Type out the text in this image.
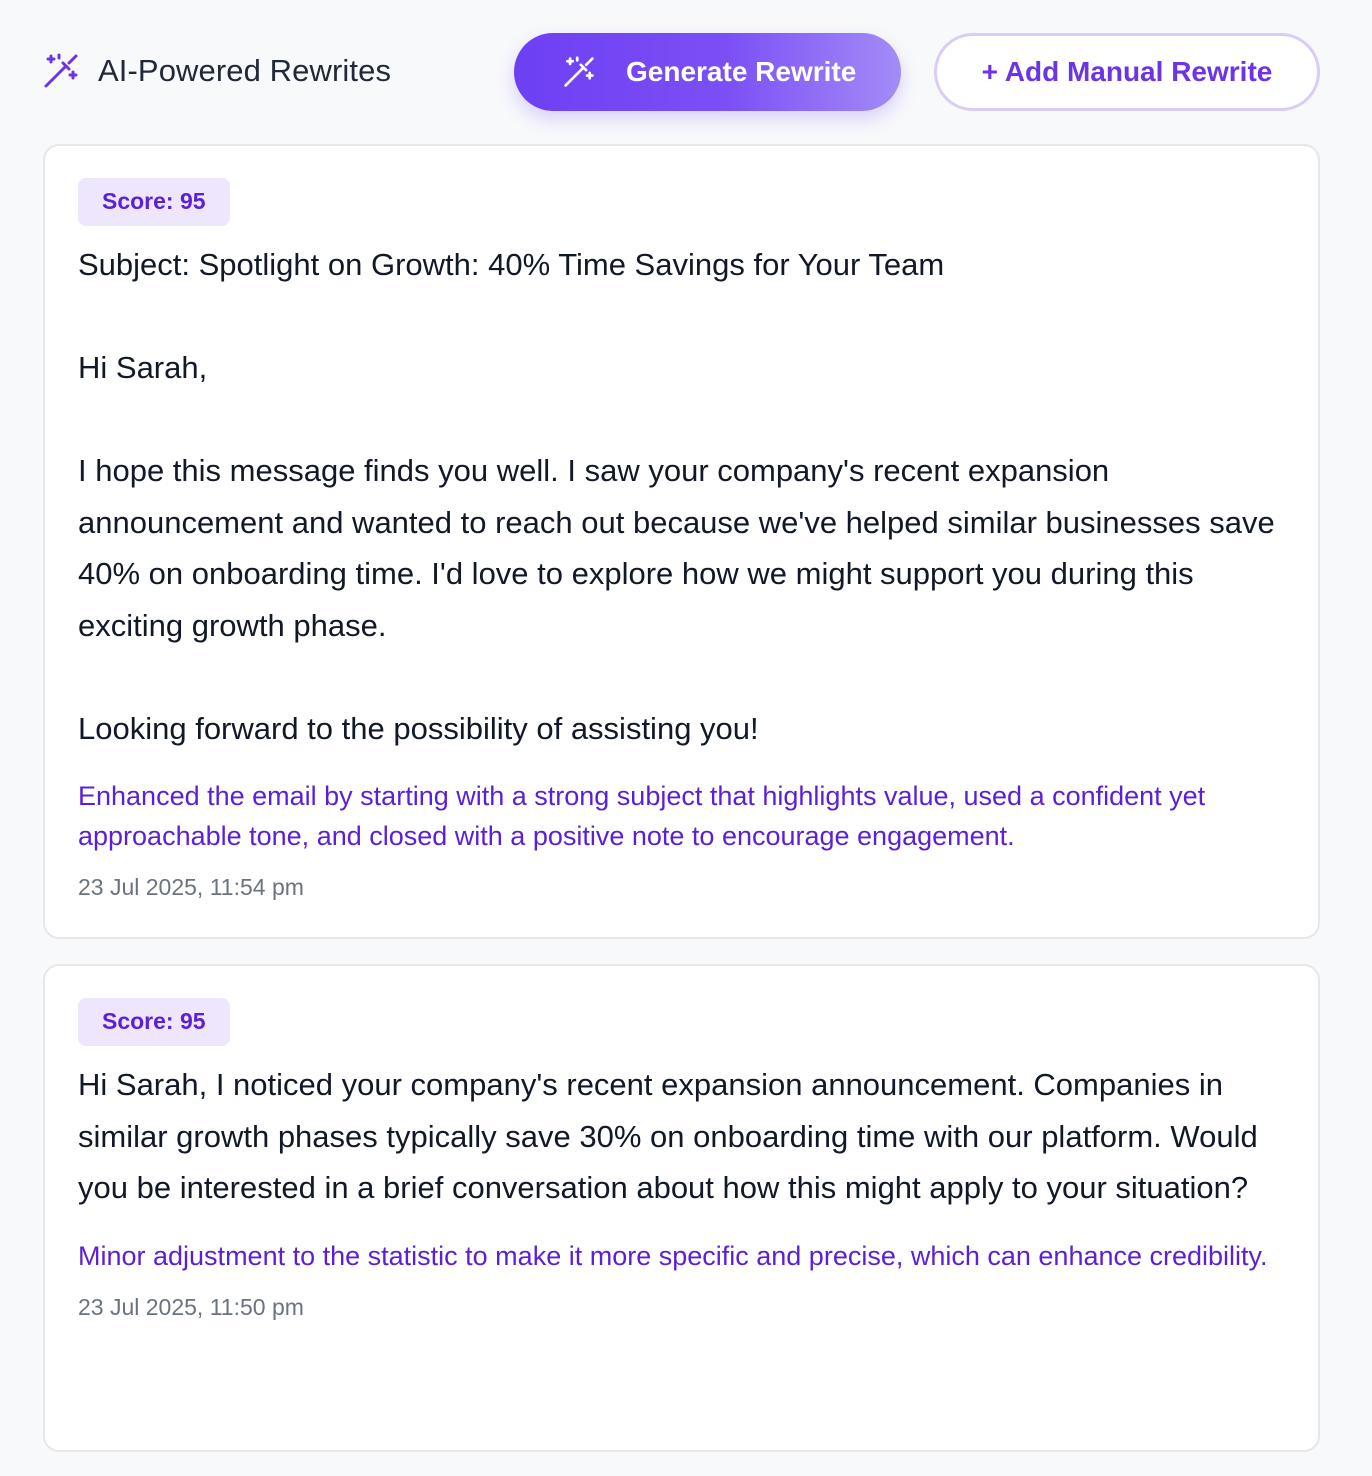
AI-Powered Rewrites	Generate Rewrite	+ Add Manual Rewrite
Score: 95
Subject: Spotlight on Growth: 40% Time Savings for Your Team

Hi Sarah,

I hope this message finds you well. I saw your company's recent expansion announcement and wanted to reach out because we've helped similar businesses save 40% on onboarding time. I'd love to explore how we might support you during this exciting growth phase.

Looking forward to the possibility of assisting you!
Enhanced the email by starting with a strong subject that highlights value, used a confident yet approachable tone, and closed with a positive note to encourage engagement.
23 Jul 2025, 11:54 pm
Score: 95
Hi Sarah, I noticed your company's recent expansion announcement. Companies in similar growth phases typically save 30% on onboarding time with our platform. Would you be interested in a brief conversation about how this might apply to your situation?
Minor adjustment to the statistic to make it more specific and precise, which can enhance credibility.
23 Jul 2025, 11:50 pm
